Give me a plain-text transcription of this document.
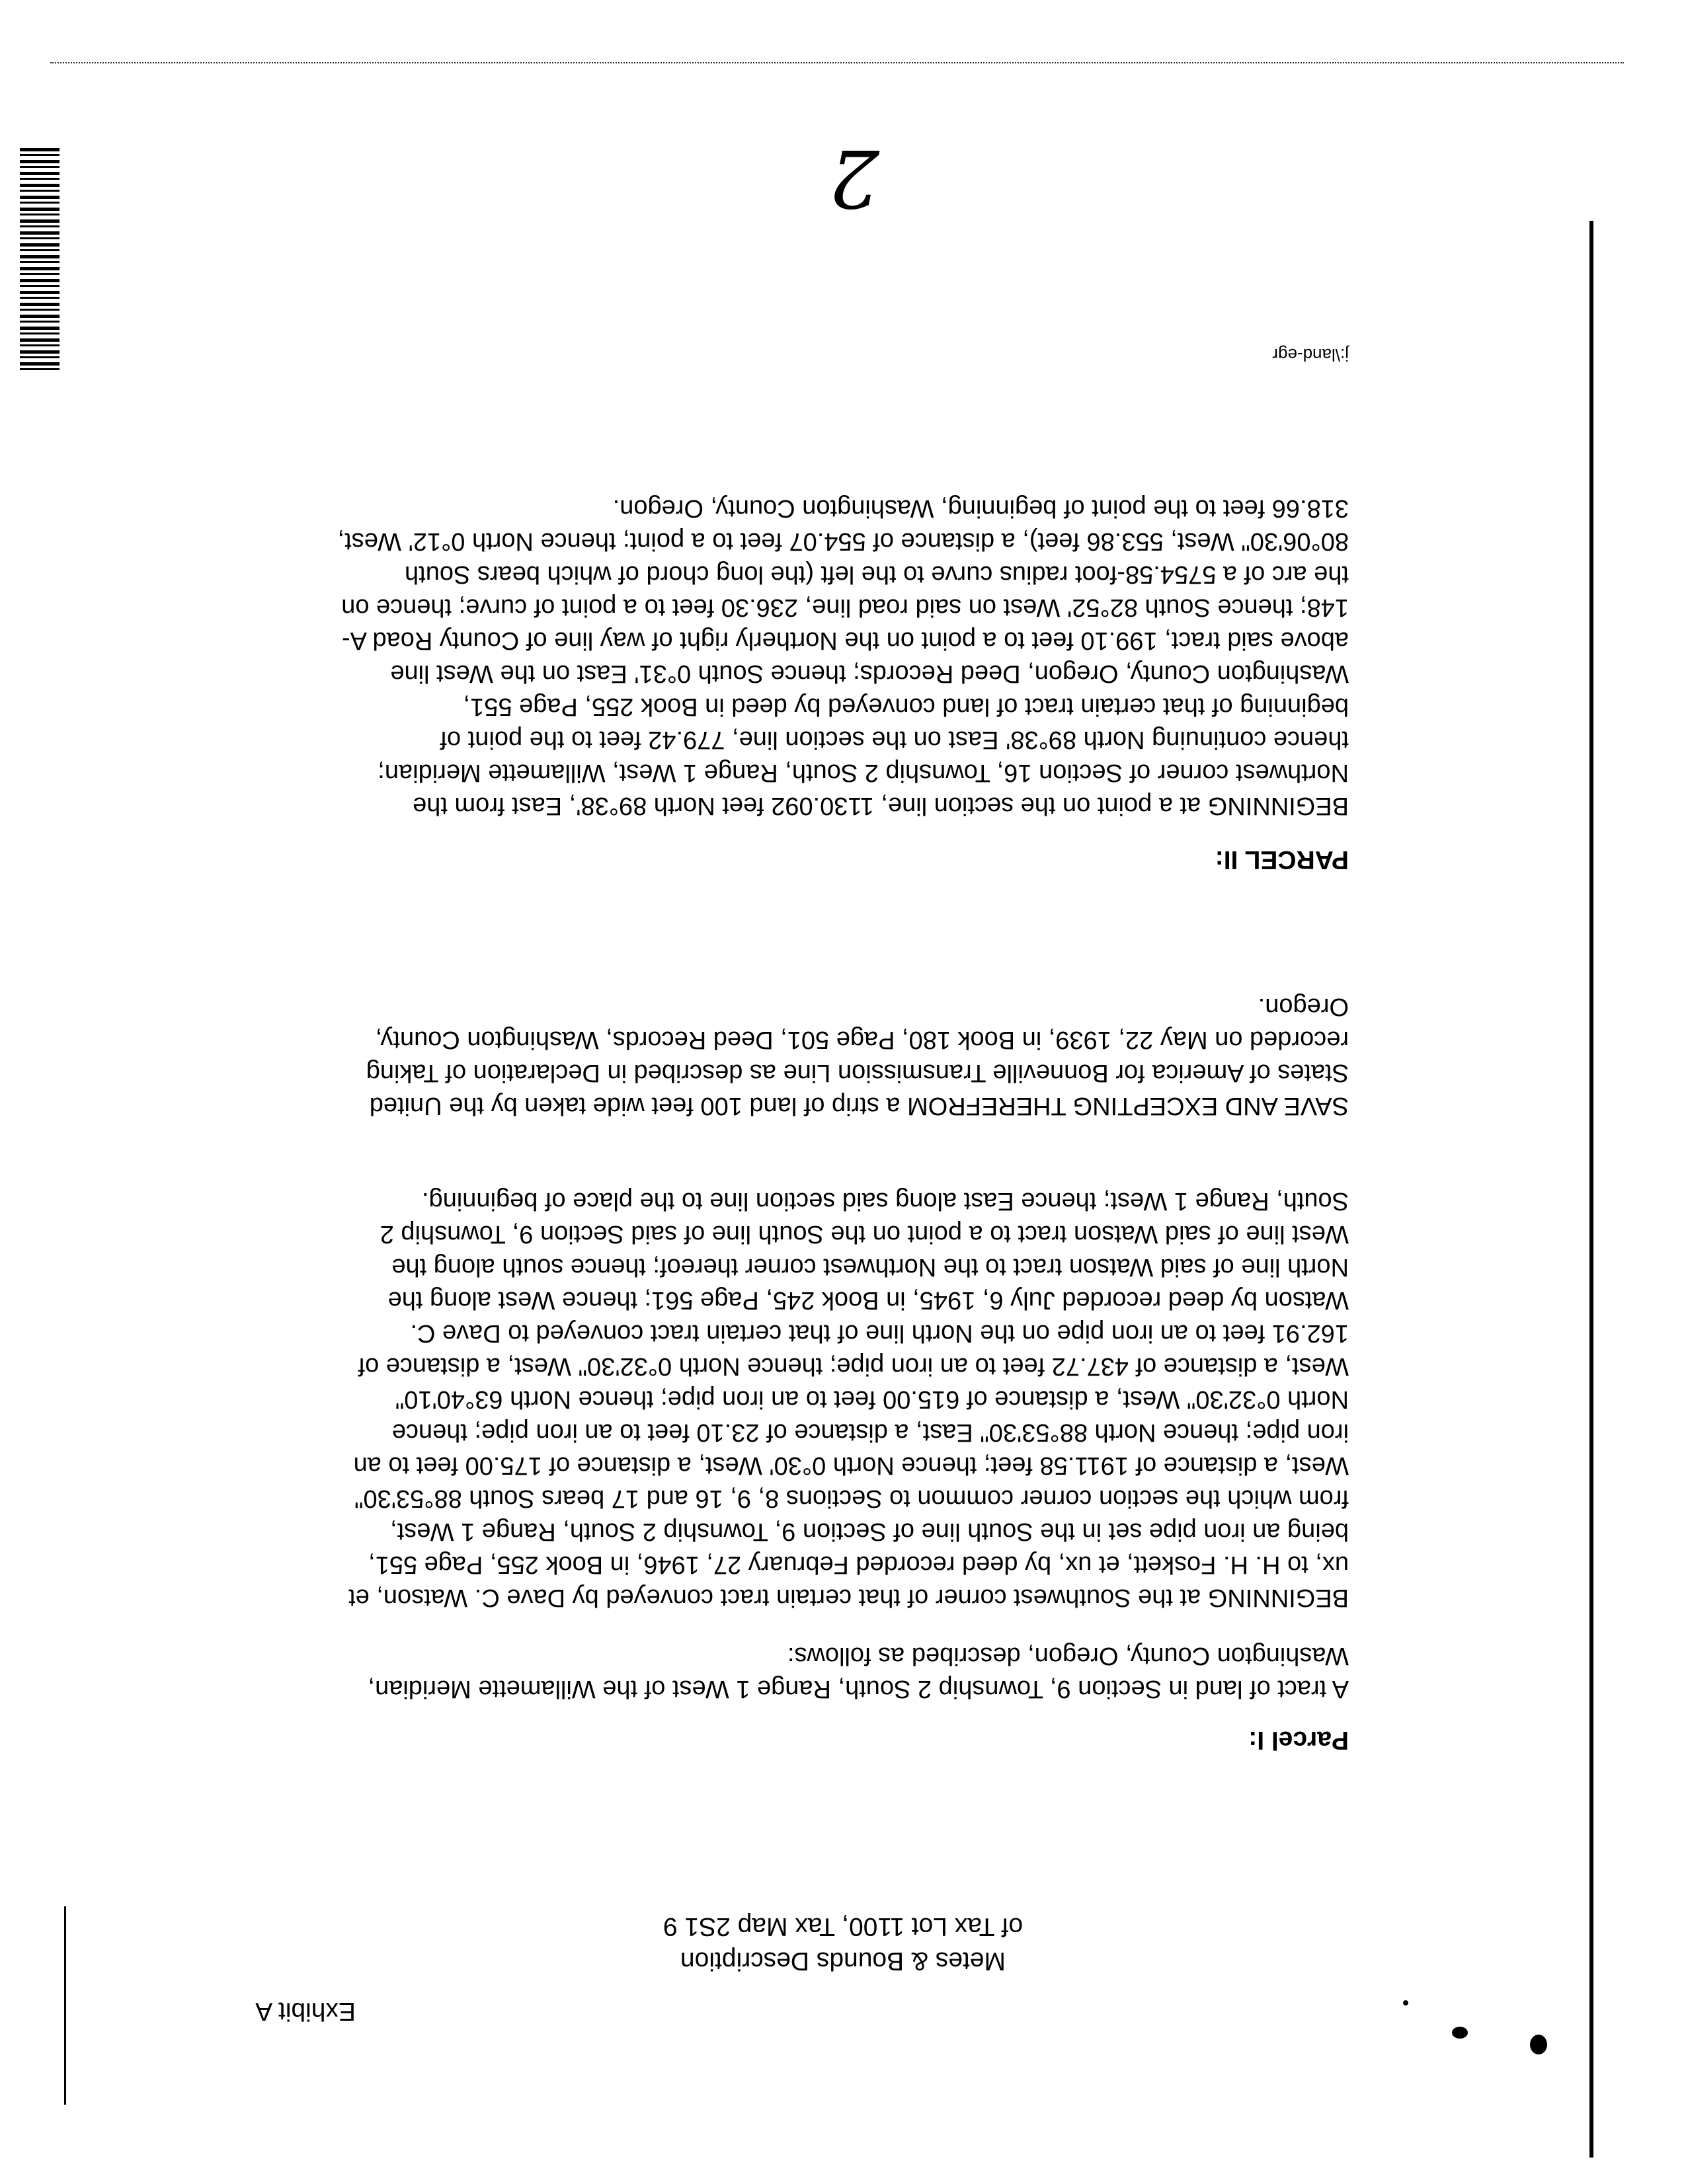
Exhibit A
Metes & Bounds Description
of Tax Lot 1100, Tax Map 2S1 9
Parcel I:
A tract of land in Section 9, Township 2 South, Range 1 West of the Willamette Meridian, Washington County, Oregon, described as follows:
BEGINNING at the Southwest corner of that certain tract conveyed by Dave C. Watson, et ux, to H. H. Foskett, et ux, by deed recorded February 27, 1946, in Book 255, Page 551, being an iron pipe set in the South line of Section 9, Township 2 South, Range 1 West, from which the section corner common to Sections 8, 9, 16 and 17 bears South 88°53'30" West, a distance of 1911.58 feet; thence North 0°30' West, a distance of 175.00 feet to an iron pipe; thence North 88°53'30" East, a distance of 23.10 feet to an iron pipe; thence North 0°32'30" West, a distance of 615.00 feet to an iron pipe; thence North 63°40'10" West, a distance of 437.72 feet to an iron pipe; thence North 0°32'30" West, a distance of 162.91 feet to an iron pipe on the North line of that certain tract conveyed to Dave C. Watson by deed recorded July 6, 1945, in Book 245, Page 561; thence West along the North line of said Watson tract to the Northwest corner thereof; thence south along the West line of said Watson tract to a point on the South line of said Section 9, Township 2 South, Range 1 West; thence East along said section line to the place of beginning.
SAVE AND EXCEPTING THEREFROM a strip of land 100 feet wide taken by the United States of America for Bonneville Transmission Line as described in Declaration of Taking recorded on May 22, 1939, in Book 180, Page 501, Deed Records, Washington County, Oregon.
PARCEL II:
BEGINNING at a point on the section line, 1130.092 feet North 89°38', East from the Northwest corner of Section 16, Township 2 South, Range 1 West, Willamette Meridian; thence continuing North 89°38' East on the section line, 779.42 feet to the point of beginning of that certain tract of land conveyed by deed in Book 255, Page 551, Washington County, Oregon, Deed Records; thence South 0°31' East on the West line above said tract, 199.10 feet to a point on the Northerly right of way line of County Road A-148; thence South 82°52' West on said road line, 236.30 feet to a point of curve; thence on the arc of a 5754.58-foot radius curve to the left (the long chord of which bears South 80°06'30" West, 553.86 feet), a distance of 554.07 feet to a point; thence North 0°12' West, 318.66 feet to the point of beginning, Washington County, Oregon.
j:\land-egr
2
